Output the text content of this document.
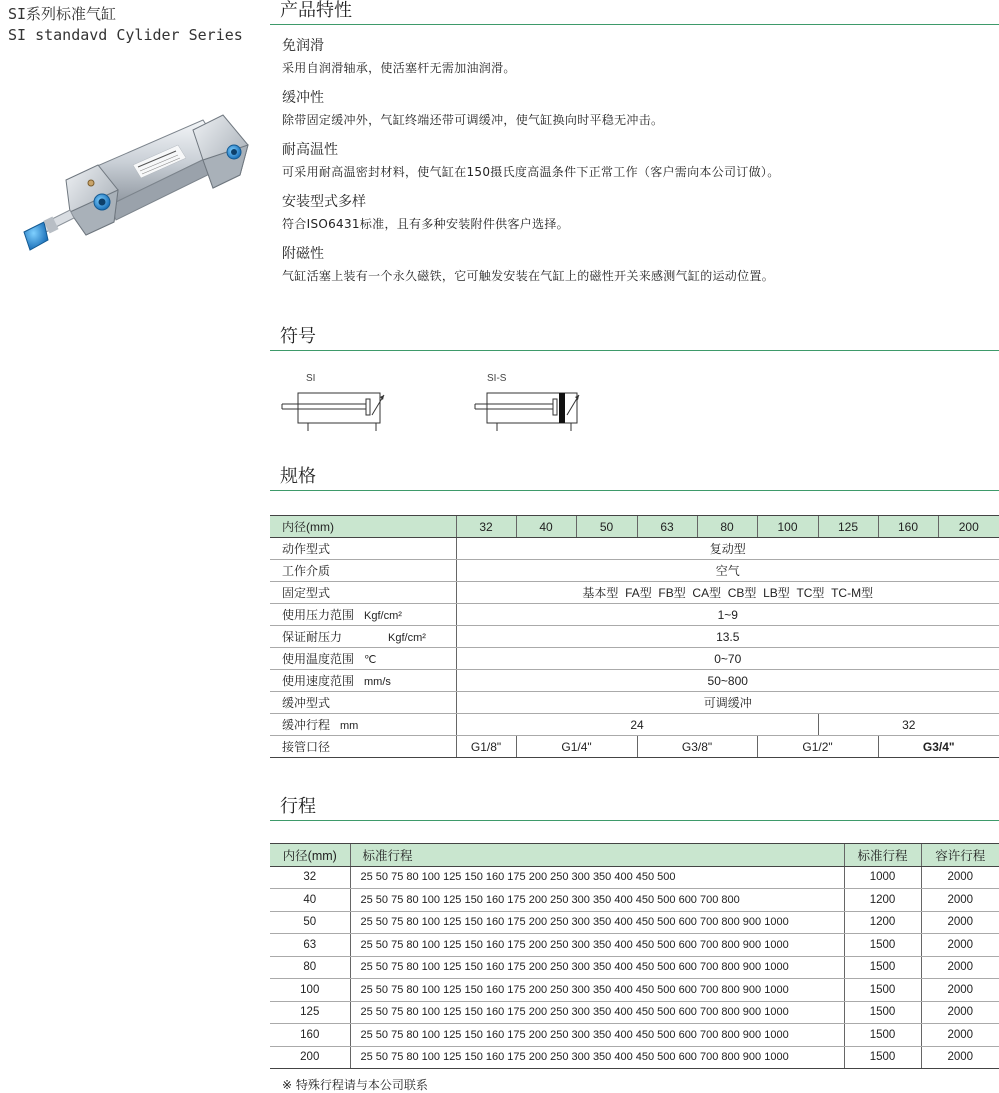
SI系列标准气缸
SI standavd Cylider Series
产品特性
免润滑
采用自润滑轴承，使活塞杆无需加油润滑。
缓冲性
除带固定缓冲外，气缸终端还带可调缓冲，使气缸换向时平稳无冲击。
耐高温性
可采用耐高温密封材料，使气缸在150摄氏度高温条件下正常工作（客户需向本公司订做）。
安装型式多样
符合ISO6431标准，且有多种安装附件供客户选择。
附磁性
气缸活塞上装有一个永久磁铁，它可触发安装在气缸上的磁性开关来感测气缸的运动位置。
符号
SI	SI-S
规格
内径(mm)	32	40	50	63	80	100	125	160	200
动作型式	复动型								
工作介质	空气								
固定型式	基本型  FA型  FB型  CA型  CB型  LB型  TC型  TC-M型								
使用压力范围 Kgf/cm²	1~9								
保证耐压力 Kgf/cm²	13.5								
使用温度范围 ℃	0~70								
使用速度范围 mm/s	50~800								
缓冲型式	可调缓冲								
缓冲行程 mm	24						32		
接管口径	G1/8"	G1/4"		G3/8"		G1/2"		G3/4"	
行程
内径(mm)	标准行程	标准行程	容许行程
32	25 50 75 80 100 125 150 160 175 200 250 300 350 400 450 500	1000	2000
40	25 50 75 80 100 125 150 160 175 200 250 300 350 400 450 500 600 700 800	1200	2000
50	25 50 75 80 100 125 150 160 175 200 250 300 350 400 450 500 600 700 800 900 1000	1200	2000
63	25 50 75 80 100 125 150 160 175 200 250 300 350 400 450 500 600 700 800 900 1000	1500	2000
80	25 50 75 80 100 125 150 160 175 200 250 300 350 400 450 500 600 700 800 900 1000	1500	2000
100	25 50 75 80 100 125 150 160 175 200 250 300 350 400 450 500 600 700 800 900 1000	1500	2000
125	25 50 75 80 100 125 150 160 175 200 250 300 350 400 450 500 600 700 800 900 1000	1500	2000
160	25 50 75 80 100 125 150 160 175 200 250 300 350 400 450 500 600 700 800 900 1000	1500	2000
200	25 50 75 80 100 125 150 160 175 200 250 300 350 400 450 500 600 700 800 900 1000	1500	2000
※ 特殊行程请与本公司联系
